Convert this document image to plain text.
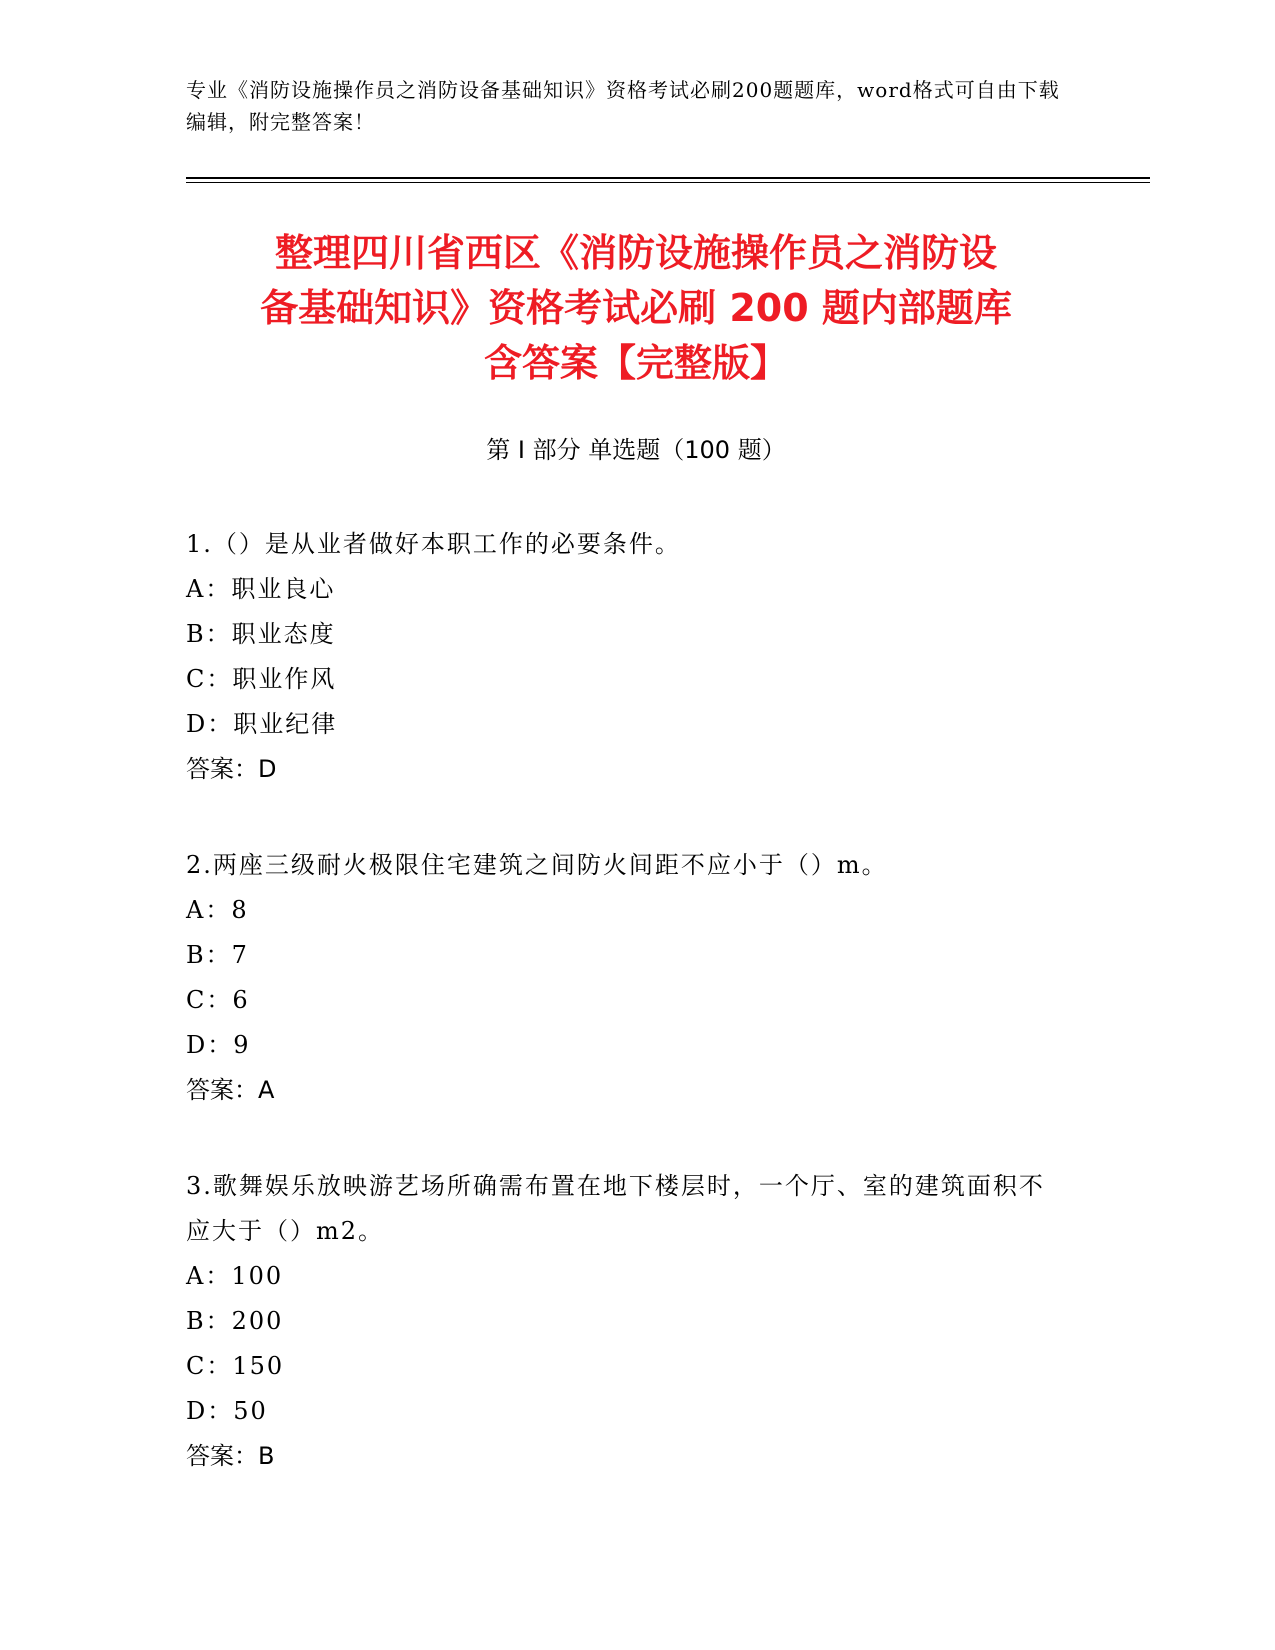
专业《消防设施操作员之消防设备基础知识》资格考试必刷200题题库，word格式可自由下载编辑，附完整答案！
整理四川省西区《消防设施操作员之消防设
备基础知识》资格考试必刷 200 题内部题库
含答案【完整版】
第 I 部分 单选题（100 题）

1.（）是从业者做好本职工作的必要条件。

A：职业良心

B：职业态度

C：职业作风

D：职业纪律

答案：D

2.两座三级耐火极限住宅建筑之间防火间距不应小于（）m。

A：8

B：7

C：6

D：9

答案：A

3.歌舞娱乐放映游艺场所确需布置在地下楼层时，一个厅、室的建筑面积不应大于（）m2。

A：100

B：200

C：150

D：50

答案：B
